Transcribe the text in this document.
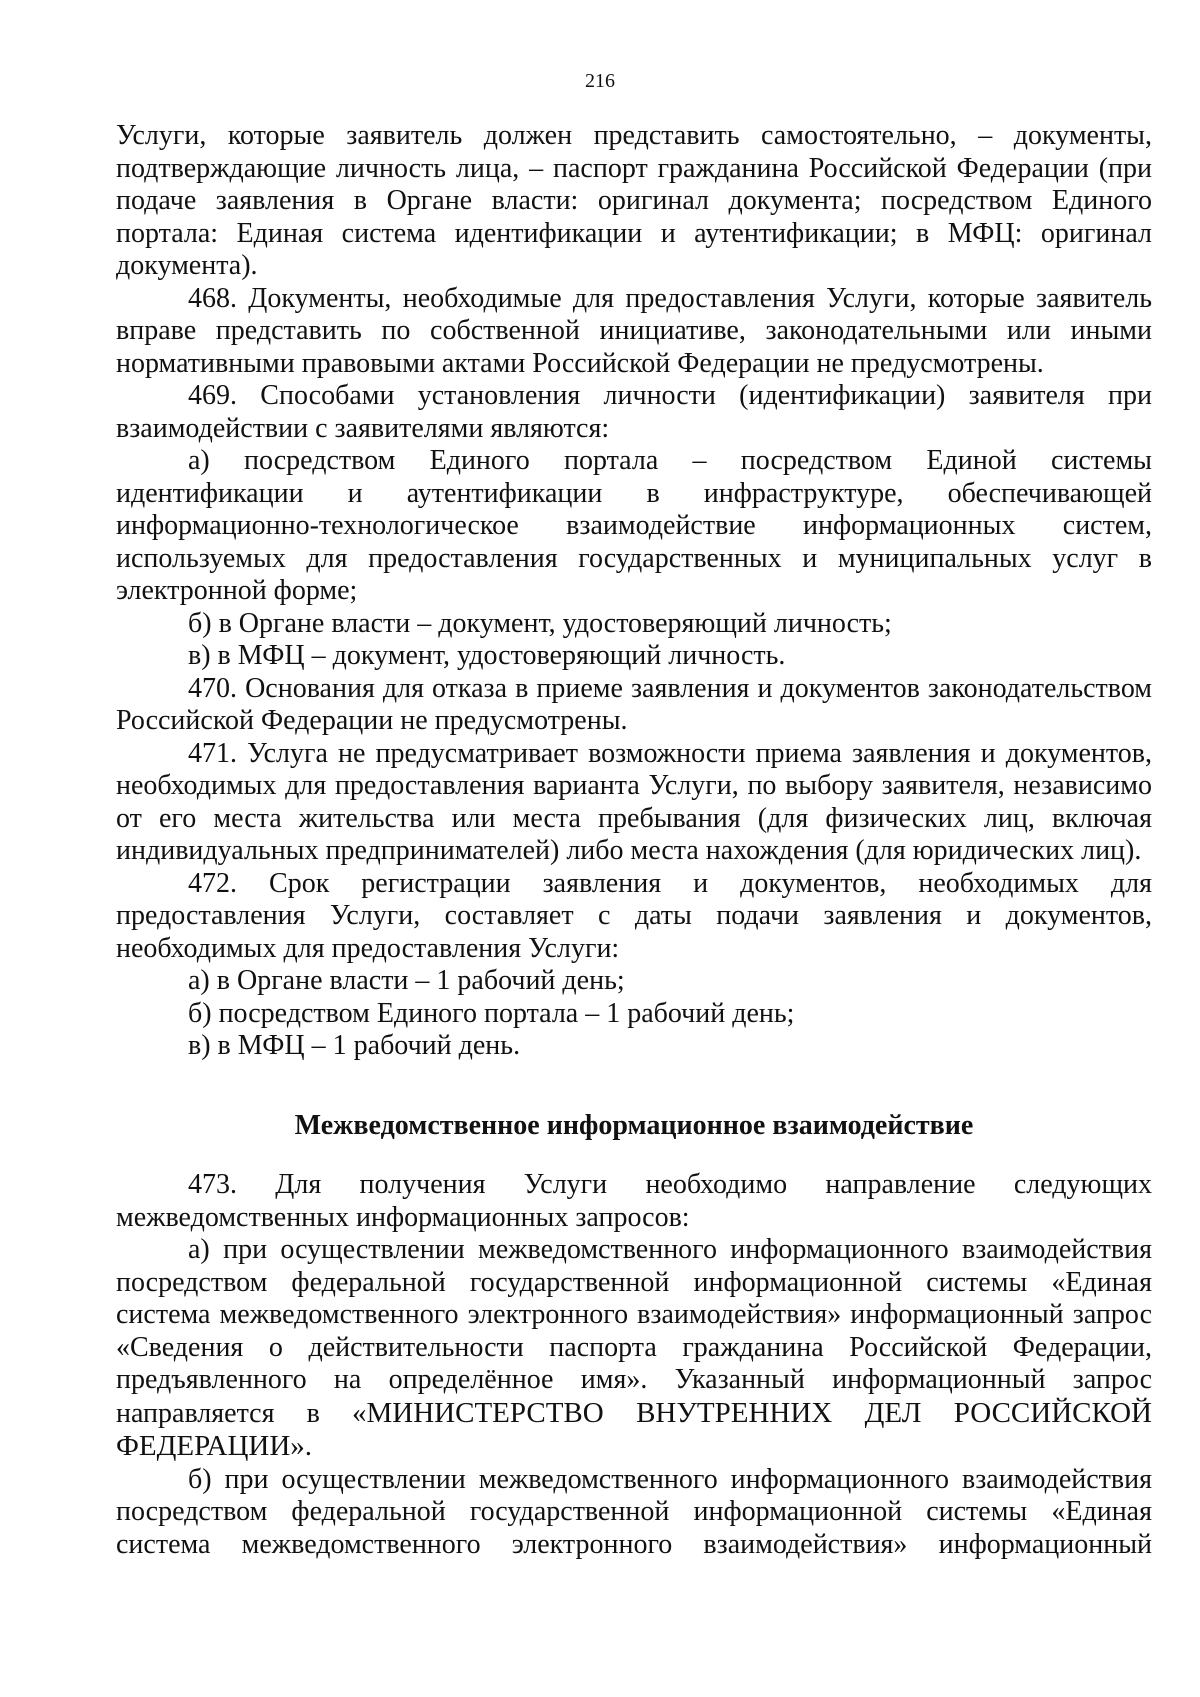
216

Услуги, которые заявитель должен представить самостоятельно, – документы, подтверждающие личность лица, – паспорт гражданина Российской Федерации (при подаче заявления в Органе власти: оригинал документа; посредством Единого портала: Единая система идентификации и аутентификации; в МФЦ: оригинал документа).

468. Документы, необходимые для предоставления Услуги, которые заявитель вправе представить по собственной инициативе, законодательными или иными нормативными правовыми актами Российской Федерации не предусмотрены.

469. Способами установления личности (идентификации) заявителя при взаимодействии с заявителями являются:

а) посредством Единого портала – посредством Единой системы идентификации и аутентификации в инфраструктуре, обеспечивающей информационно-технологическое взаимодействие информационных систем, используемых для предоставления государственных и муниципальных услуг в электронной форме;

б) в Органе власти – документ, удостоверяющий личность;

в) в МФЦ – документ, удостоверяющий личность.

470. Основания для отказа в приеме заявления и документов законодательством Российской Федерации не предусмотрены.

471. Услуга не предусматривает возможности приема заявления и документов, необходимых для предоставления варианта Услуги, по выбору заявителя, независимо от его места жительства или места пребывания (для физических лиц, включая индивидуальных предпринимателей) либо места нахождения (для юридических лиц).

472. Срок регистрации заявления и документов, необходимых для предоставления Услуги, составляет с даты подачи заявления и документов, необходимых для предоставления Услуги:

а) в Органе власти – 1 рабочий день;

б) посредством Единого портала – 1 рабочий день;

в) в МФЦ – 1 рабочий день.

Межведомственное информационное взаимодействие

473. Для получения Услуги необходимо направление следующих межведомственных информационных запросов:

а) при осуществлении межведомственного информационного взаимодействия посредством федеральной государственной информационной системы «Единая система межведомственного электронного взаимодействия» информационный запрос «Сведения о действительности паспорта гражданина Российской Федерации, предъявленного на определённое имя». Указанный информационный запрос направляется в «МИНИСТЕРСТВО ВНУТРЕННИХ ДЕЛ РОССИЙСКОЙ ФЕДЕРАЦИИ».

б) при осуществлении межведомственного информационного взаимодействия посредством федеральной государственной информационной системы «Единая система межведомственного электронного взаимодействия» информационный
